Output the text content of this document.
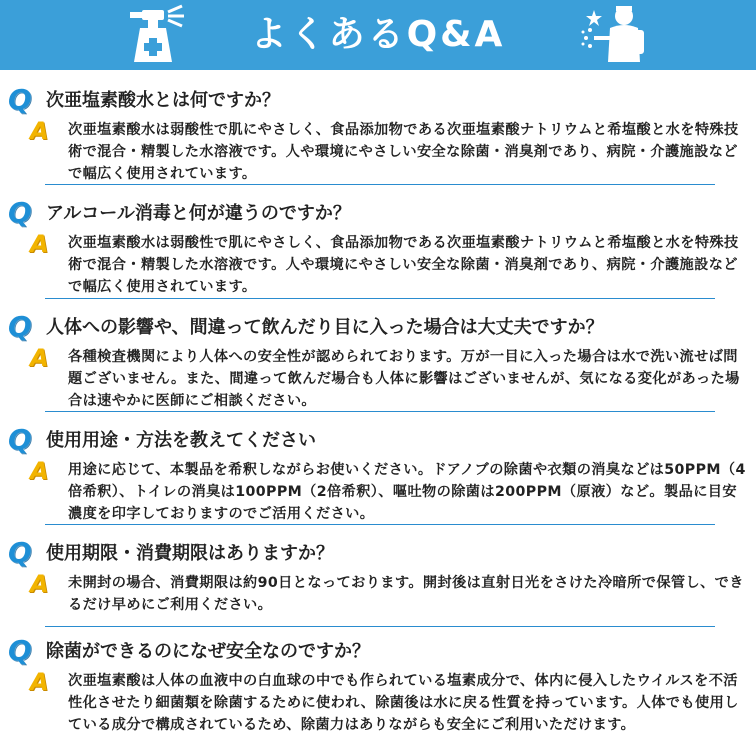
よくあるQ&A
Q 次亜塩素酸水とは何ですか？
A 次亜塩素酸水は弱酸性で肌にやさしく、食品添加物である次亜塩素酸ナトリウムと希塩酸と水を特殊技術で混合・精製した水溶液です。人や環境にやさしい安全な除菌・消臭剤であり、病院・介護施設などで幅広く使用されています。
Q アルコール消毒と何が違うのですか？
A 次亜塩素酸水は弱酸性で肌にやさしく、食品添加物である次亜塩素酸ナトリウムと希塩酸と水を特殊技術で混合・精製した水溶液です。人や環境にやさしい安全な除菌・消臭剤であり、病院・介護施設などで幅広く使用されています。
Q 人体への影響や、間違って飲んだり目に入った場合は大丈夫ですか？
A 各種検査機関により人体への安全性が認められております。万が一目に入った場合は水で洗い流せば問題ございません。また、間違って飲んだ場合も人体に影響はございませんが、気になる変化があった場合は速やかに医師にご相談ください。
Q 使用用途・方法を教えてください
A 用途に応じて、本製品を希釈しながらお使いください。ドアノブの除菌や衣類の消臭などは50PPM（4倍希釈）、トイレの消臭は100PPM（2倍希釈）、嘔吐物の除菌は200PPM（原液）など。製品に目安濃度を印字しておりますのでご活用ください。
Q 使用期限・消費期限はありますか？
A 未開封の場合、消費期限は約90日となっております。開封後は直射日光をさけた冷暗所で保管し、できるだけ早めにご利用ください。
Q 除菌ができるのになぜ安全なのですか？
A 次亜塩素酸は人体の血液中の白血球の中でも作られている塩素成分で、体内に侵入したウイルスを不活性化させたり細菌類を除菌するために使われ、除菌後は水に戻る性質を持っています。人体でも使用している成分で構成されているため、除菌力はありながらも安全にご利用いただけます。
